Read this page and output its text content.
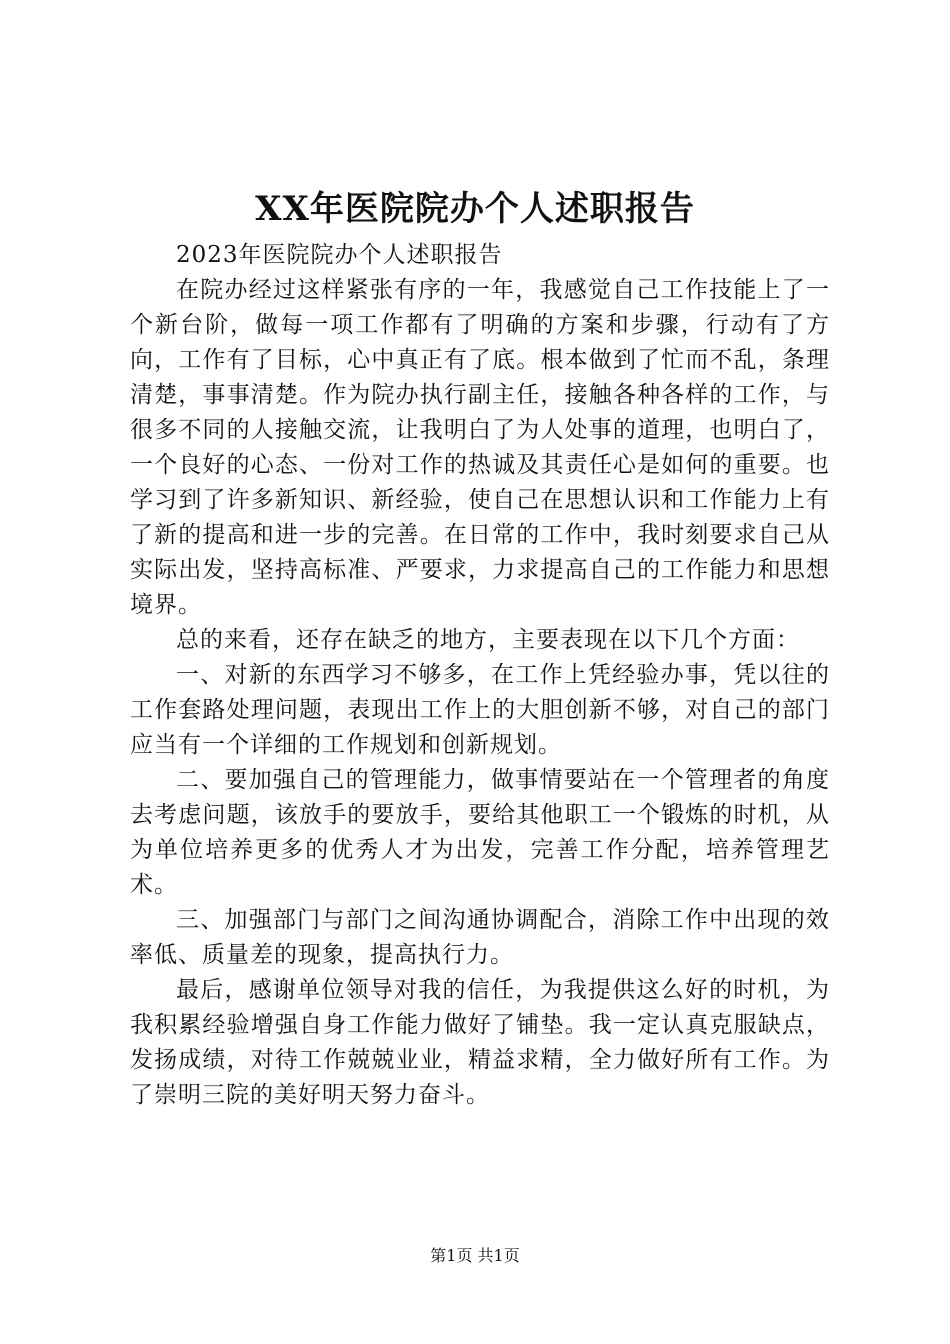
XX年医院院办个人述职报告

2023年医院院办个人述职报告

在院办经过这样紧张有序的一年，我感觉自己工作技能上了一个新台阶，做每一项工作都有了明确的方案和步骤，行动有了方向，工作有了目标，心中真正有了底。根本做到了忙而不乱，条理清楚，事事清楚。作为院办执行副主任，接触各种各样的工作，与很多不同的人接触交流，让我明白了为人处事的道理，也明白了，一个良好的心态、一份对工作的热诚及其责任心是如何的重要。也学习到了许多新知识、新经验，使自己在思想认识和工作能力上有了新的提高和进一步的完善。在日常的工作中，我时刻要求自己从实际出发，坚持高标准、严要求，力求提高自己的工作能力和思想境界。

总的来看，还存在缺乏的地方，主要表现在以下几个方面：

一、对新的东西学习不够多，在工作上凭经验办事，凭以往的工作套路处理问题，表现出工作上的大胆创新不够，对自己的部门应当有一个详细的工作规划和创新规划。

二、要加强自己的管理能力，做事情要站在一个管理者的角度去考虑问题，该放手的要放手，要给其他职工一个锻炼的时机，从为单位培养更多的优秀人才为出发，完善工作分配，培养管理艺术。

三、加强部门与部门之间沟通协调配合，消除工作中出现的效率低、质量差的现象，提高执行力。

最后，感谢单位领导对我的信任，为我提供这么好的时机，为我积累经验增强自身工作能力做好了铺垫。我一定认真克服缺点，发扬成绩，对待工作兢兢业业，精益求精，全力做好所有工作。为了崇明三院的美好明天努力奋斗。

第1页 共1页
